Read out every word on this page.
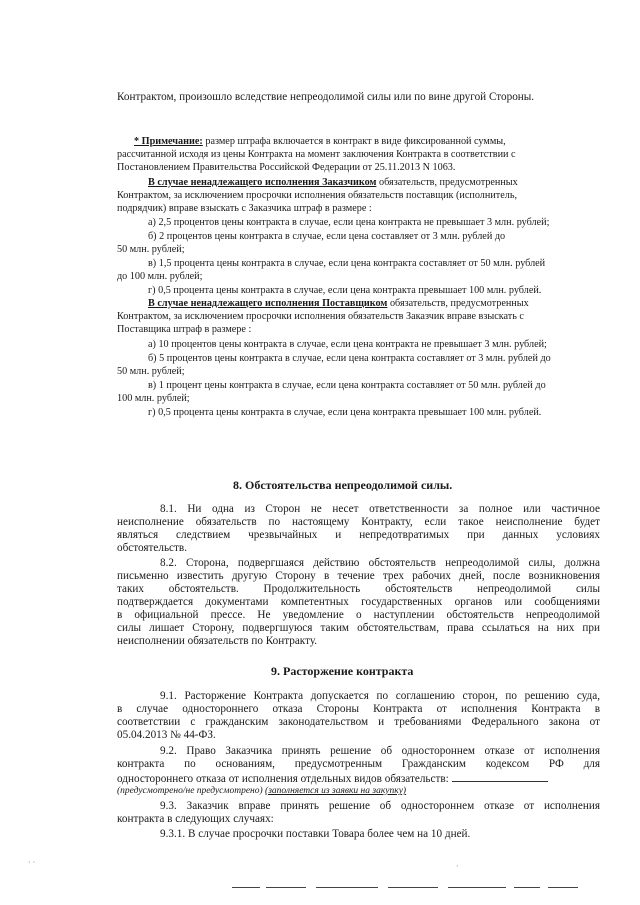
Контрактом, произошло вследствие непреодолимой силы или по вине другой Стороны.
* Примечание: размер штрафа включается в контракт в виде фиксированной суммы,
рассчитанной исходя из цены Контракта на момент заключения Контракта в соответствии с
Постановлением Правительства Российской Федерации от 25.11.2013 N 1063.
В случае ненадлежащего исполнения Заказчиком обязательств, предусмотренных
Контрактом, за исключением просрочки исполнения обязательств поставщик (исполнитель,
подрядчик) вправе взыскать с Заказчика штраф в размере :
а) 2,5 процентов цены контракта в случае, если цена контракта не превышает 3 млн. рублей;
б) 2 процентов цены контракта в случае, если цена составляет от 3 млн. рублей до
50 млн. рублей;
в) 1,5 процента цены контракта в случае, если цена контракта составляет от 50 млн. рублей
до 100 млн. рублей;
г) 0,5 процента цены контракта в случае, если цена контракта превышает 100 млн. рублей.
В случае ненадлежащего исполнения Поставщиком обязательств, предусмотренных
Контрактом, за исключением просрочки исполнения обязательств Заказчик вправе взыскать с
Поставщика штраф в размере :
а) 10 процентов цены контракта в случае, если цена контракта не превышает 3 млн. рублей;
б) 5 процентов цены контракта в случае, если цена контракта составляет от 3 млн. рублей до
50 млн. рублей;
в) 1 процент цены контракта в случае, если цена контракта составляет от 50 млн. рублей до
100 млн. рублей;
г) 0,5 процента цены контракта в случае, если цена контракта превышает 100 млн. рублей.
8. Обстоятельства непреодолимой силы.
8.1. Ни одна из Сторон не несет ответственности за полное или частичное
неисполнение обязательств по настоящему Контракту, если такое неисполнение будет
являться следствием чрезвычайных и непредотвратимых при данных условиях
обстоятельств.
8.2. Сторона, подвергшаяся действию обстоятельств непреодолимой силы, должна
письменно известить другую Сторону в течение трех рабочих дней, после возникновения
таких обстоятельств. Продолжительность обстоятельств непреодолимой силы
подтверждается документами компетентных государственных органов или сообщениями
в официальной прессе. Не уведомление о наступлении обстоятельств непреодолимой
силы лишает Сторону, подвергшуюся таким обстоятельствам, права ссылаться на них при
неисполнении обязательств по Контракту.
9. Расторжение контракта
9.1. Расторжение Контракта допускается по соглашению сторон, по решению суда,
в случае одностороннего отказа Стороны Контракта от исполнения Контракта в
соответствии с гражданским законодательством и требованиями Федерального закона от
05.04.2013 № 44-ФЗ.
9.2. Право Заказчика принять решение об одностороннем отказе от исполнения
контракта по основаниям, предусмотренным Гражданским кодексом РФ для
одностороннего отказа от исполнения отдельных видов обязательств:
(предусмотрено/не предусмотрено) (заполняется из заявки на закупку)
9.3. Заказчик вправе принять решение об одностороннем отказе от исполнения
контракта в следующих случаях:
9.3.1. В случае просрочки поставки Товара более чем на 10 дней.
· ·	·
